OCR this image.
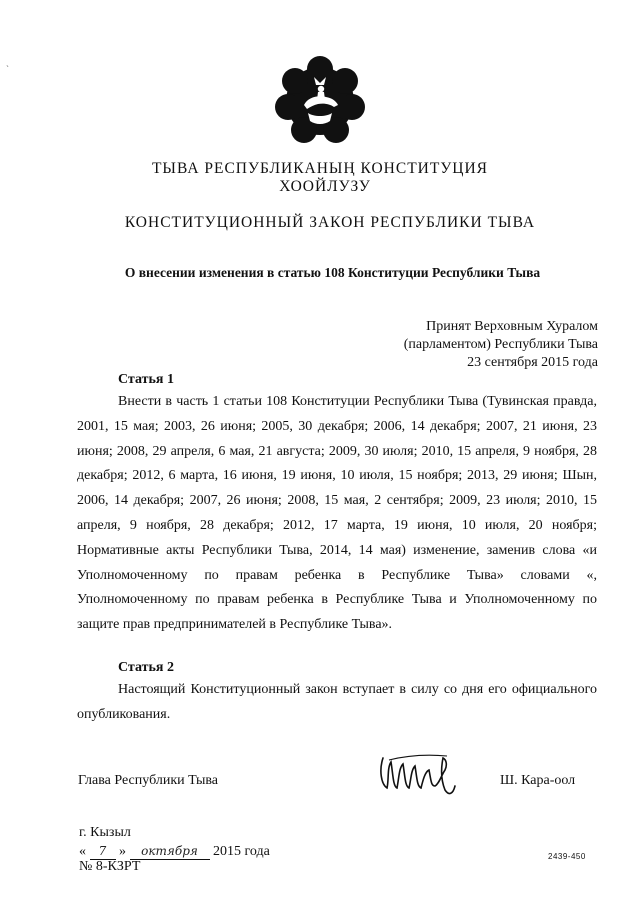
ˋ
ТЫВА РЕСПУБЛИКАНЫҢ КОНСТИТУЦИЯ
ХООЙЛУЗУ
КОНСТИТУЦИОННЫЙ ЗАКОН РЕСПУБЛИКИ ТЫВА
О внесении изменения в статью 108 Конституции Республики Тыва
Принят Верховным Хуралом
(парламентом) Республики Тыва
23 сентября 2015 года
Статья 1
Внести в часть 1 статьи 108 Конституции Республики Тыва (Тувинская правда, 2001, 15 мая; 2003, 26 июня; 2005, 30 декабря; 2006, 14 декабря; 2007, 21 июня, 23 июня; 2008, 29 апреля, 6 мая, 21 августа; 2009, 30 июля; 2010, 15 апреля, 9 ноября, 28 декабря; 2012, 6 марта, 16 июня, 19 июня, 10 июля, 15 ноября; 2013, 29 июня; Шын, 2006, 14 декабря; 2007, 26 июня; 2008, 15 мая, 2 сентября; 2009, 23 июля; 2010, 15 апреля, 9 ноября, 28 декабря; 2012, 17 марта, 19 июня, 10 июля, 20 ноября; Нормативные акты Республики Тыва, 2014, 14 мая) изменение, заменив слова «и Уполномоченному по правам ребенка в Республике Тыва» словами «, Уполномоченному по правам ребенка в Республике Тыва и Уполномоченному по защите прав предпринимателей в Республике Тыва».
Статья 2
Настоящий Конституционный закон вступает в силу со дня его официального опубликования.
Глава Республики Тыва	Ш. Кара-оол
г. Кызыл
« 7 » октября 2015 года
№ 8-КЗРТ
2439-450
